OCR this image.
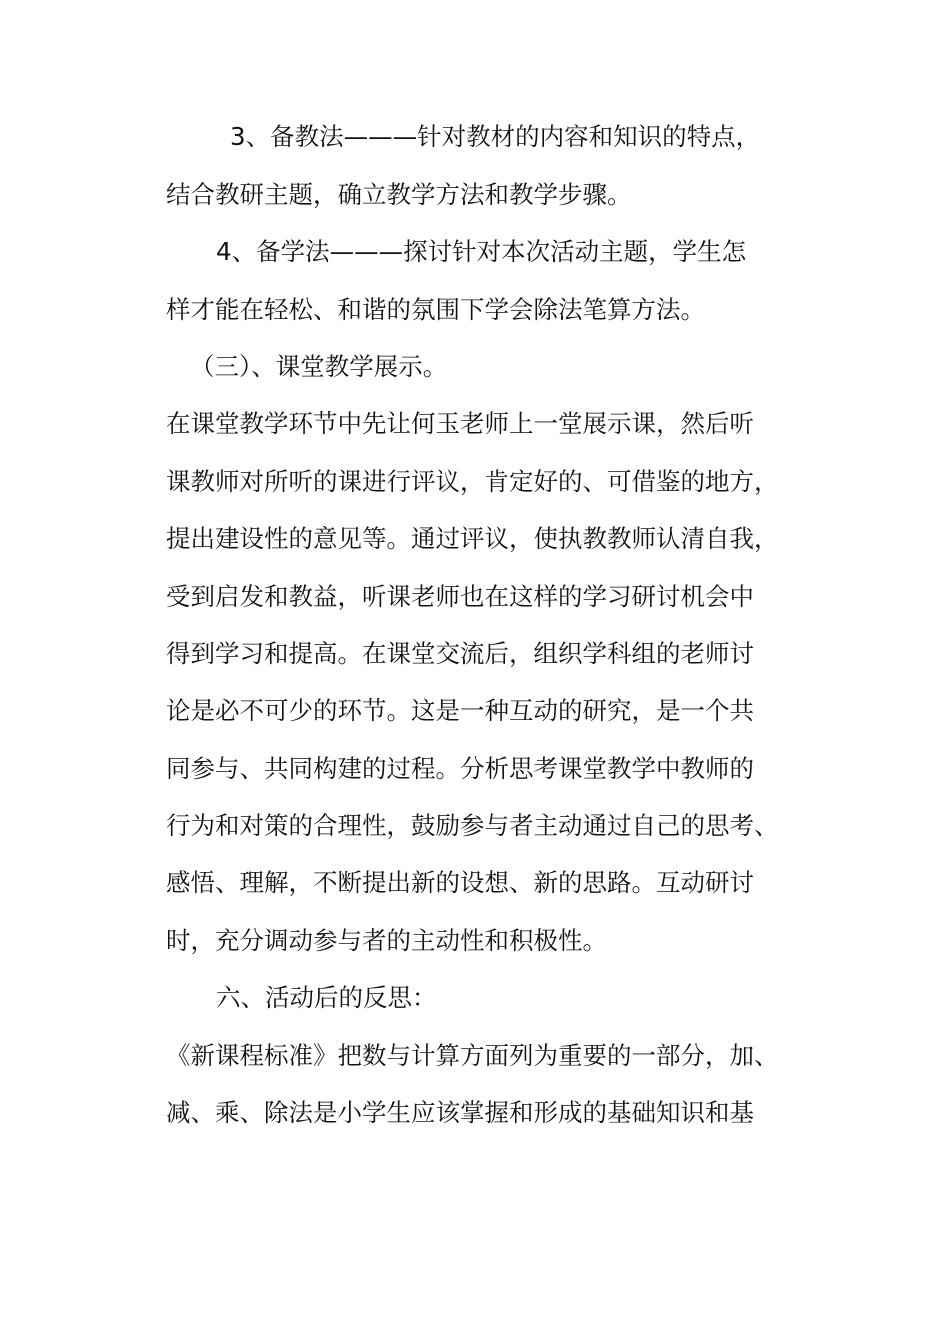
3、备教法———针对教材的内容和知识的特点，
结合教研主题，确立教学方法和教学步骤。
4、备学法———探讨针对本次活动主题，学生怎
样才能在轻松、和谐的氛围下学会除法笔算方法。
（三）、课堂教学展示。
在课堂教学环节中先让何玉老师上一堂展示课，然后听
课教师对所听的课进行评议，肯定好的、可借鉴的地方，
提出建设性的意见等。通过评议，使执教教师认清自我，
受到启发和教益，听课老师也在这样的学习研讨机会中
得到学习和提高。在课堂交流后，组织学科组的老师讨
论是必不可少的环节。这是一种互动的研究，是一个共
同参与、共同构建的过程。分析思考课堂教学中教师的
行为和对策的合理性，鼓励参与者主动通过自己的思考、
感悟、理解，不断提出新的设想、新的思路。互动研讨
时，充分调动参与者的主动性和积极性。
六、活动后的反思：
《新课程标准》把数与计算方面列为重要的一部分，加、
减、乘、除法是小学生应该掌握和形成的基础知识和基
